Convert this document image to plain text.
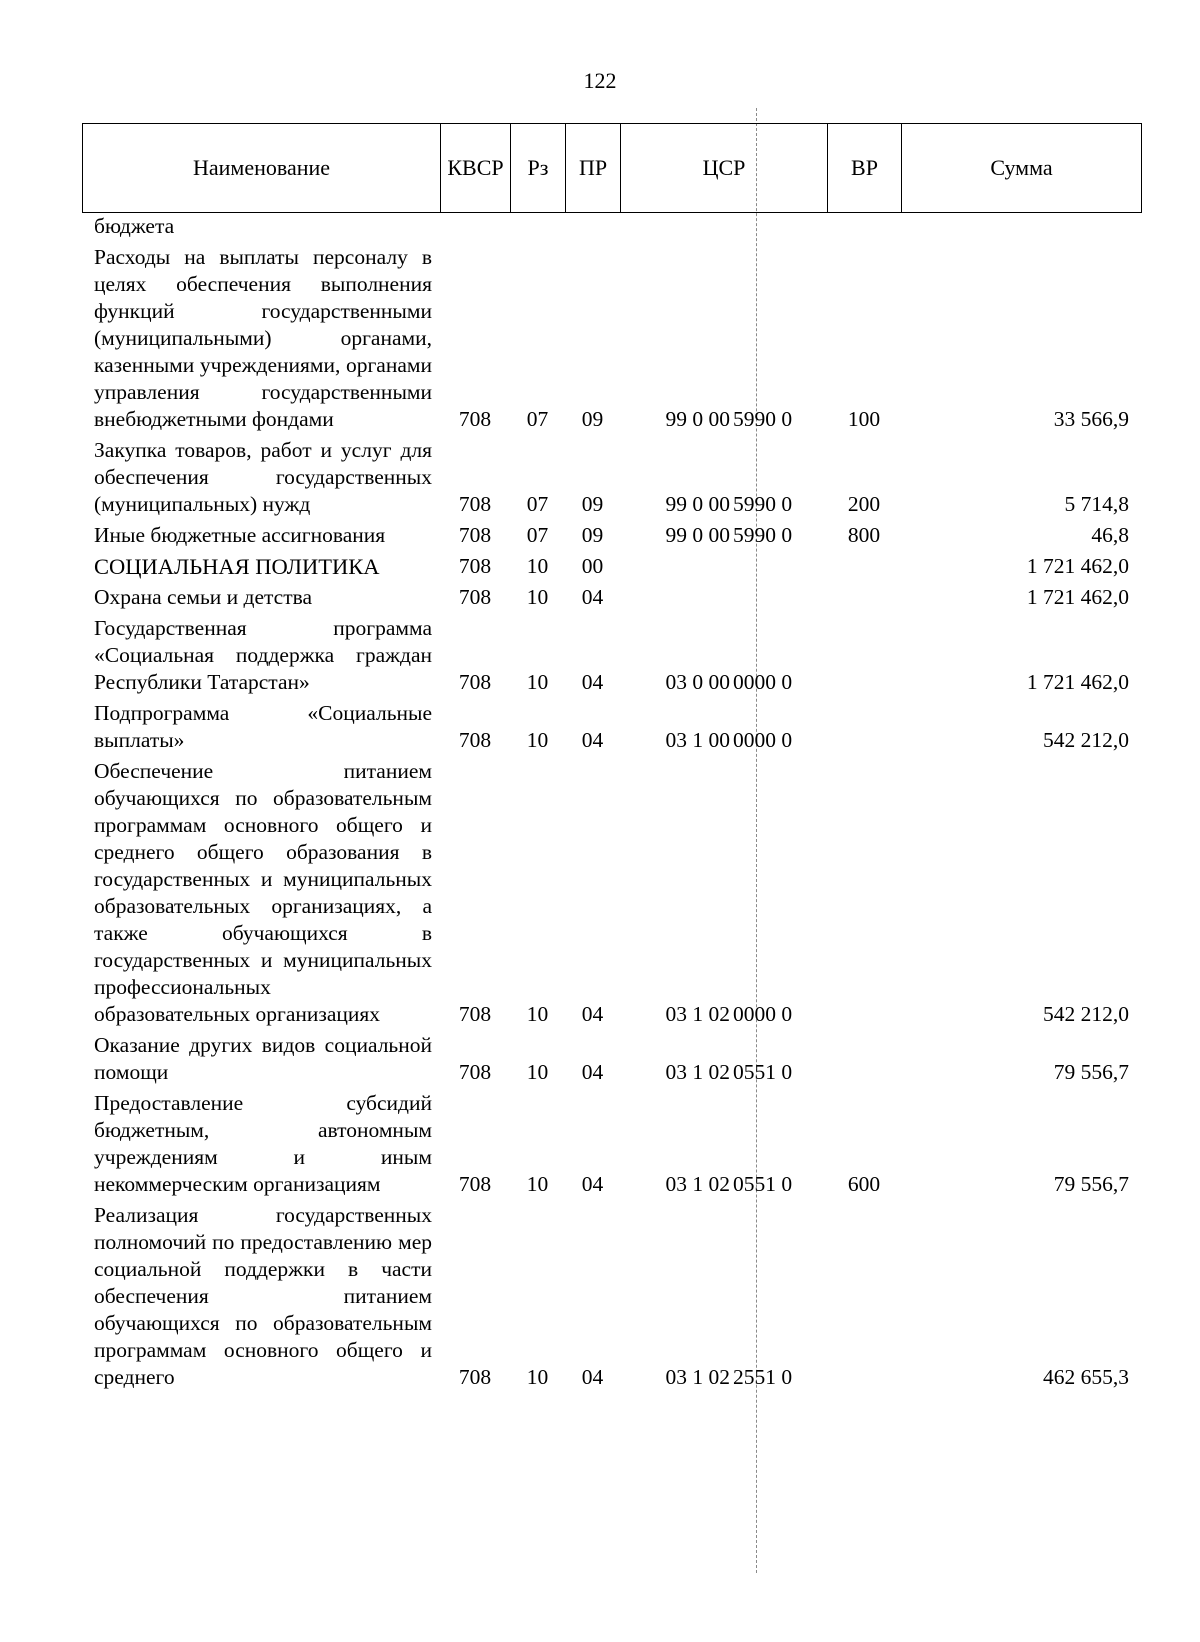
122
Наименование	КВСР	Рз	ПР	ЦСР	ВР	Сумма
бюджета						
Расходы на выплаты персоналу в целях обеспечения выполнения функций государственными (муниципальными) органами, казенными учреждениями, органами управления государственными внебюджетными фондами	708	07	09	99 0 00 5990 0	100	33 566,9
Закупка товаров, работ и услуг для обеспечения государственных (муниципальных) нужд	708	07	09	99 0 00 5990 0	200	5 714,8
Иные бюджетные ассигнования	708	07	09	99 0 00 5990 0	800	46,8
СОЦИАЛЬНАЯ ПОЛИТИКА	708	10	00			1 721 462,0
Охрана семьи и детства	708	10	04			1 721 462,0
Государственная программа «Социальная поддержка граждан Республики Татарстан»	708	10	04	03 0 00 0000 0		1 721 462,0
Подпрограмма «Социальные выплаты»	708	10	04	03 1 00 0000 0		542 212,0
Обеспечение питанием обучающихся по образовательным программам основного общего и среднего общего образования в государственных и муниципальных образовательных организациях, а также обучающихся в государственных и муниципальных профессиональных образовательных организациях	708	10	04	03 1 02 0000 0		542 212,0
Оказание других видов социальной помощи	708	10	04	03 1 02 0551 0		79 556,7
Предоставление субсидий бюджетным, автономным учреждениям и иным некоммерческим организациям	708	10	04	03 1 02 0551 0	600	79 556,7
Реализация государственных полномочий по предоставлению мер социальной поддержки в части обеспечения питанием обучающихся по образовательным программам основного общего и среднего	708	10	04	03 1 02 2551 0		462 655,3
